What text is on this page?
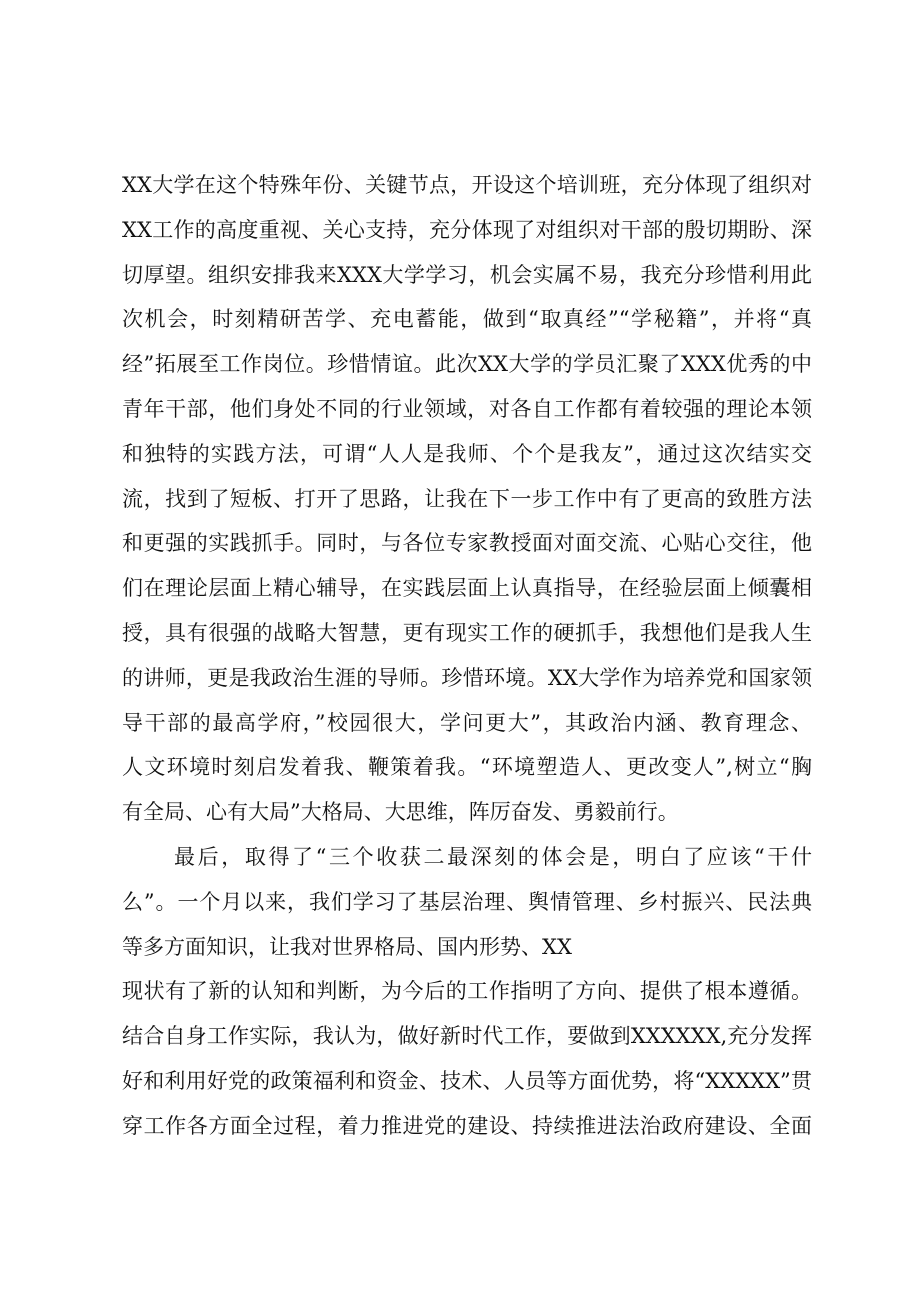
XX大学在这个特殊年份、关键节点，开设这个培训班，充分体现了组织对
XX工作的高度重视、关心支持，充分体现了对组织对干部的殷切期盼、深
切厚望。组织安排我来XXX大学学习，机会实属不易，我充分珍惜利用此
次机会，时刻精研苦学、充电蓄能，做到“取真经”“学秘籍”，并将“真
经”拓展至工作岗位。珍惜情谊。此次XX大学的学员汇聚了XXX优秀的中
青年干部，他们身处不同的行业领域，对各自工作都有着较强的理论本领
和独特的实践方法，可谓“人人是我师、个个是我友”，通过这次结实交
流，找到了短板、打开了思路，让我在下一步工作中有了更高的致胜方法
和更强的实践抓手。同时，与各位专家教授面对面交流、心贴心交往，他
们在理论层面上精心辅导，在实践层面上认真指导，在经验层面上倾囊相
授，具有很强的战略大智慧，更有现实工作的硬抓手，我想他们是我人生
的讲师，更是我政治生涯的导师。珍惜环境。XX大学作为培养党和国家领
导干部的最高学府，”校园很大，学问更大”，其政治内涵、教育理念、
人文环境时刻启发着我、鞭策着我。“环境塑造人、更改变人”,树立“胸
有全局、心有大局”大格局、大思维，阵厉奋发、勇毅前行。
最后，取得了“三个收获二最深刻的体会是，明白了应该“干什
么”。一个月以来，我们学习了基层治理、舆情管理、乡村振兴、民法典
等多方面知识，让我对世界格局、国内形势、XX
现状有了新的认知和判断，为今后的工作指明了方向、提供了根本遵循。
结合自身工作实际，我认为，做好新时代工作，要做到XXXXXX,充分发挥
好和利用好党的政策福利和资金、技术、人员等方面优势，将“XXXXX”贯
穿工作各方面全过程，着力推进党的建设、持续推进法治政府建设、全面
